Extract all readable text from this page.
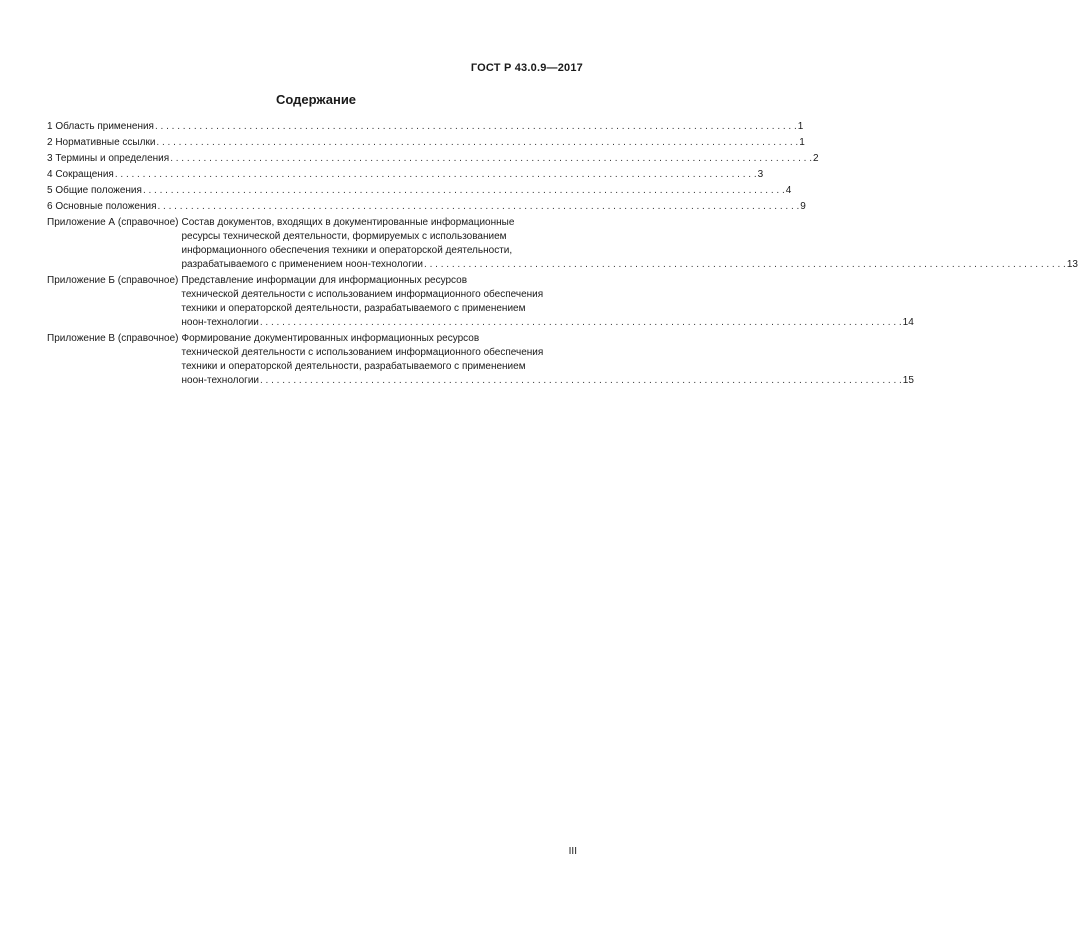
ГОСТ Р 43.0.9—2017
Содержание
1 Область применения . . .	1
2 Нормативные ссылки . . .	1
3 Термины и определения . . .	2
4 Сокращения . . .	3
5 Общие положения . . .	4
6 Основные положения . . .	9
Приложение А (справочное) Состав документов, входящих в документированные информационные
ресурсы технической деятельности, формируемых с использованием
информационного обеспечения техники и операторской деятельности,
разрабатываемого с применением ноон-технологии . . .	13
Приложение Б (справочное) Представление информации для информационных ресурсов
технической деятельности с использованием информационного обеспечения
техники и операторской деятельности, разрабатываемого с применением
ноон-технологии . . .	14
Приложение В (справочное) Формирование документированных информационных ресурсов
технической деятельности с использованием информационного обеспечения
техники и операторской деятельности, разрабатываемого с применением
ноон-технологии . . .	15
III
